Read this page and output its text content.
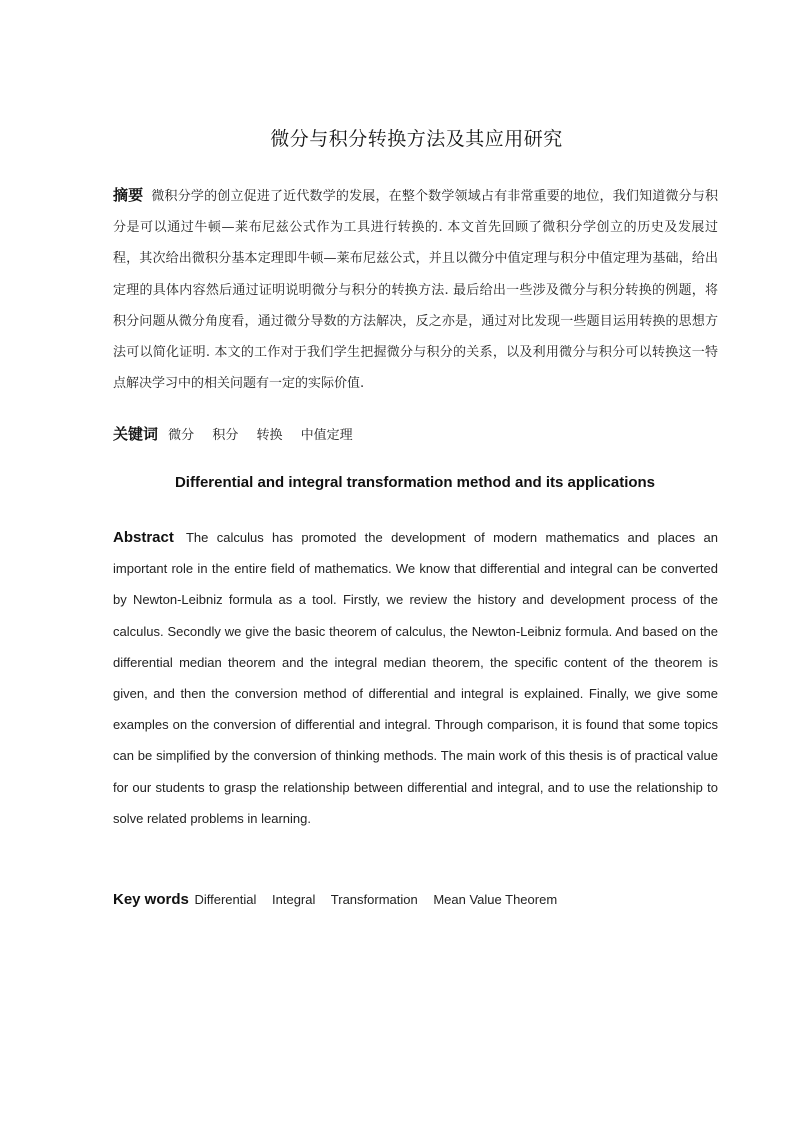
微分与积分转换方法及其应用研究
摘要 微积分学的创立促进了近代数学的发展，在整个数学领域占有非常重要的地位，我们知道微分与积分是可以通过牛顿—莱布尼兹公式作为工具进行转换的. 本文首先回顾了微积分学创立的历史及发展过程，其次给出微积分基本定理即牛顿—莱布尼兹公式，并且以微分中值定理与积分中值定理为基础，给出定理的具体内容然后通过证明说明微分与积分的转换方法. 最后给出一些涉及微分与积分转换的例题，将积分问题从微分角度看，通过微分导数的方法解决，反之亦是，通过对比发现一些题目运用转换的思想方法可以简化证明. 本文的工作对于我们学生把握微分与积分的关系，以及利用微分与积分可以转换这一特点解决学习中的相关问题有一定的实际价值.
关键词 微分 积分 转换 中值定理
Differential and integral transformation method and its applications
Abstract The calculus has promoted the development of modern mathematics and places an important role in the entire field of mathematics. We know that differential and integral can be converted by Newton-Leibniz formula as a tool. Firstly, we review the history and development process of the calculus. Secondly we give the basic theorem of calculus, the Newton-Leibniz formula. And based on the differential median theorem and the integral median theorem, the specific content of the theorem is given, and then the conversion method of differential and integral is explained. Finally, we give some examples on the conversion of differential and integral. Through comparison, it is found that some topics can be simplified by the conversion of thinking methods. The main work of this thesis is of practical value for our students to grasp the relationship between differential and integral, and to use the relationship to solve related problems in learning.
Key words Differential Integral Transformation Mean Value Theorem
